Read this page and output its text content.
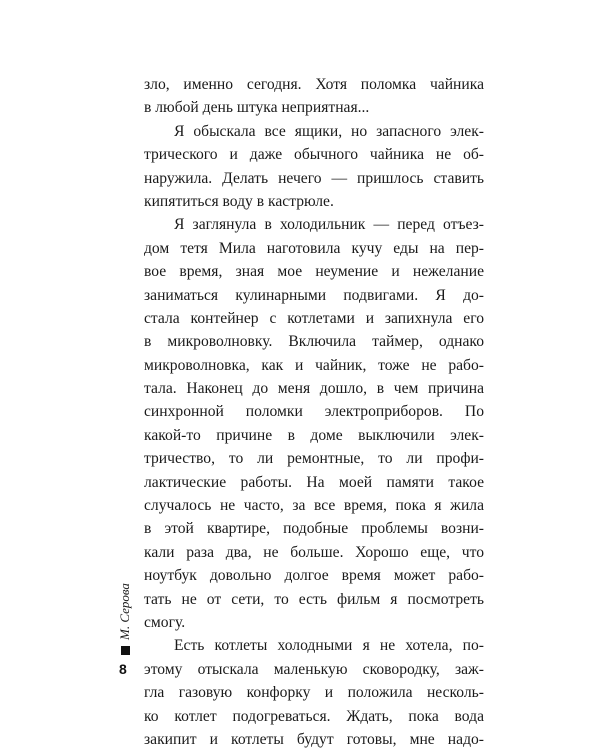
зло, именно сегодня. Хотя поломка чайника
в любой день штука неприятная...
Я обыскала все ящики, но запасного элек-
трического и даже обычного чайника не об-
наружила. Делать нечего — пришлось ставить
кипятиться воду в кастрюле.
Я заглянула в холодильник — перед отъез-
дом тетя Мила наготовила кучу еды на пер-
вое время, зная мое неумение и нежелание
заниматься кулинарными подвигами. Я до-
стала контейнер с котлетами и запихнула его
в микроволновку. Включила таймер, однако
микроволновка, как и чайник, тоже не рабо-
тала. Наконец до меня дошло, в чем причина
синхронной поломки электроприборов. По
какой-то причине в доме выключили элек-
тричество, то ли ремонтные, то ли профи-
лактические работы. На моей памяти такое
случалось не часто, за все время, пока я жила
в этой квартире, подобные проблемы возни-
кали раза два, не больше. Хорошо еще, что
ноутбук довольно долгое время может рабо-
тать не от сети, то есть фильм я посмотреть
смогу.
Есть котлеты холодными я не хотела, по-
этому отыскала маленькую сковородку, заж-
гла газовую конфорку и положила несколь-
ко котлет подогреваться. Ждать, пока вода
закипит и котлеты будут готовы, мне надо-
М. Серова
8
